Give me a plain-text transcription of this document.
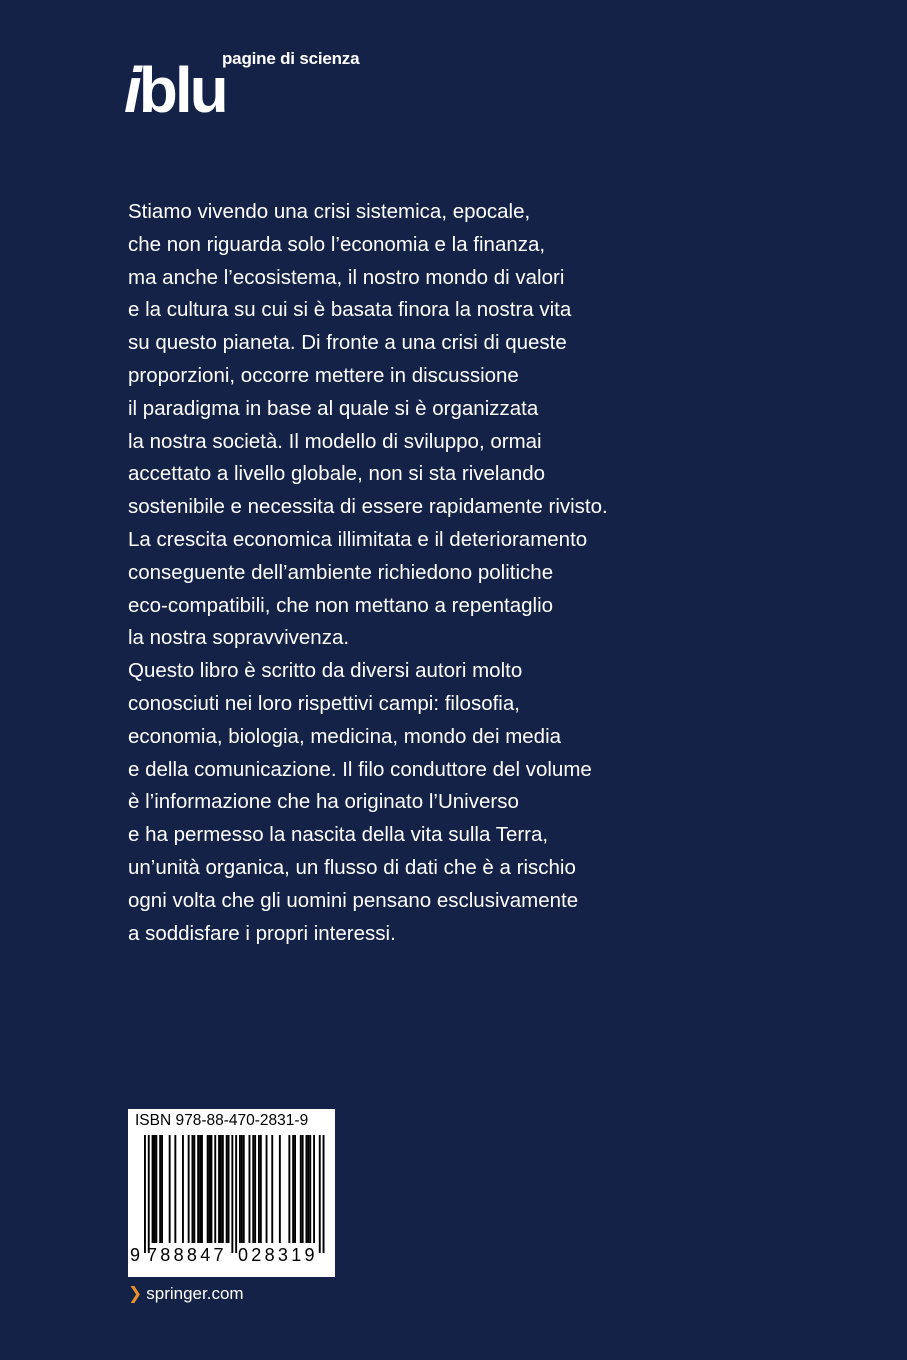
iblu
pagine di scienza
Stiamo vivendo una crisi sistemica, epocale,
che non riguarda solo l’economia e la finanza,
ma anche l’ecosistema, il nostro mondo di valori
e la cultura su cui si è basata finora la nostra vita
su questo pianeta. Di fronte a una crisi di queste
proporzioni, occorre mettere in discussione
il paradigma in base al quale si è organizzata
la nostra società. Il modello di sviluppo, ormai
accettato a livello globale, non si sta rivelando
sostenibile e necessita di essere rapidamente rivisto.
La crescita economica illimitata e il deterioramento
conseguente dell’ambiente richiedono politiche
eco-compatibili, che non mettano a repentaglio
la nostra sopravvivenza.
Questo libro è scritto da diversi autori molto
conosciuti nei loro rispettivi campi: filosofia,
economia, biologia, medicina, mondo dei media
e della comunicazione. Il filo conduttore del volume
è l’informazione che ha originato l’Universo
e ha permesso la nascita della vita sulla Terra,
un’unità organica, un flusso di dati che è a rischio
ogni volta che gli uomini pensano esclusivamente
a soddisfare i propri interessi.
ISBN 978-88-470-2831-9
9 788847 028319
❯ springer.com
